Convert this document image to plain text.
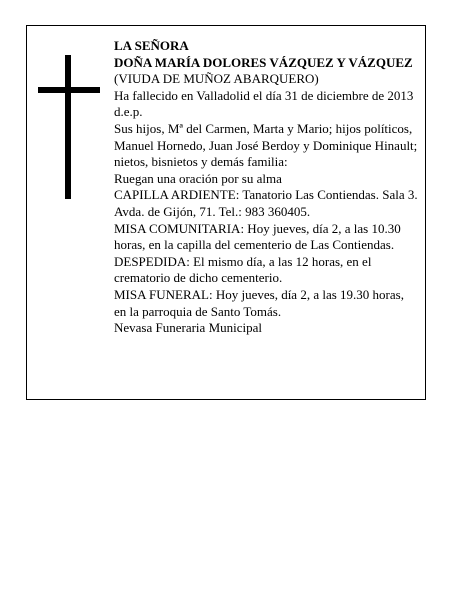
LA SEÑORA
DOÑA MARÍA DOLORES VÁZQUEZ Y VÁZQUEZ
(VIUDA DE MUÑOZ ABARQUERO)
Ha fallecido en Valladolid el día 31 de diciembre de 2013
d.e.p.
Sus hijos, Mª del Carmen, Marta y Mario; hijos políticos, Manuel Hornedo, Juan José Berdoy y Dominique Hinault; nietos, bisnietos y demás familia:
Ruegan una oración por su alma
CAPILLA ARDIENTE: Tanatorio Las Contiendas. Sala 3. Avda. de Gijón, 71. Tel.: 983 360405.
MISA COMUNITARIA: Hoy jueves, día 2, a las 10.30 horas, en la capilla del cementerio de Las Contiendas.
DESPEDIDA: El mismo día, a las 12 horas, en el crematorio de dicho cementerio.
MISA FUNERAL: Hoy jueves, día 2, a las 19.30 horas, en la parroquia de Santo Tomás.
Nevasa Funeraria Municipal
